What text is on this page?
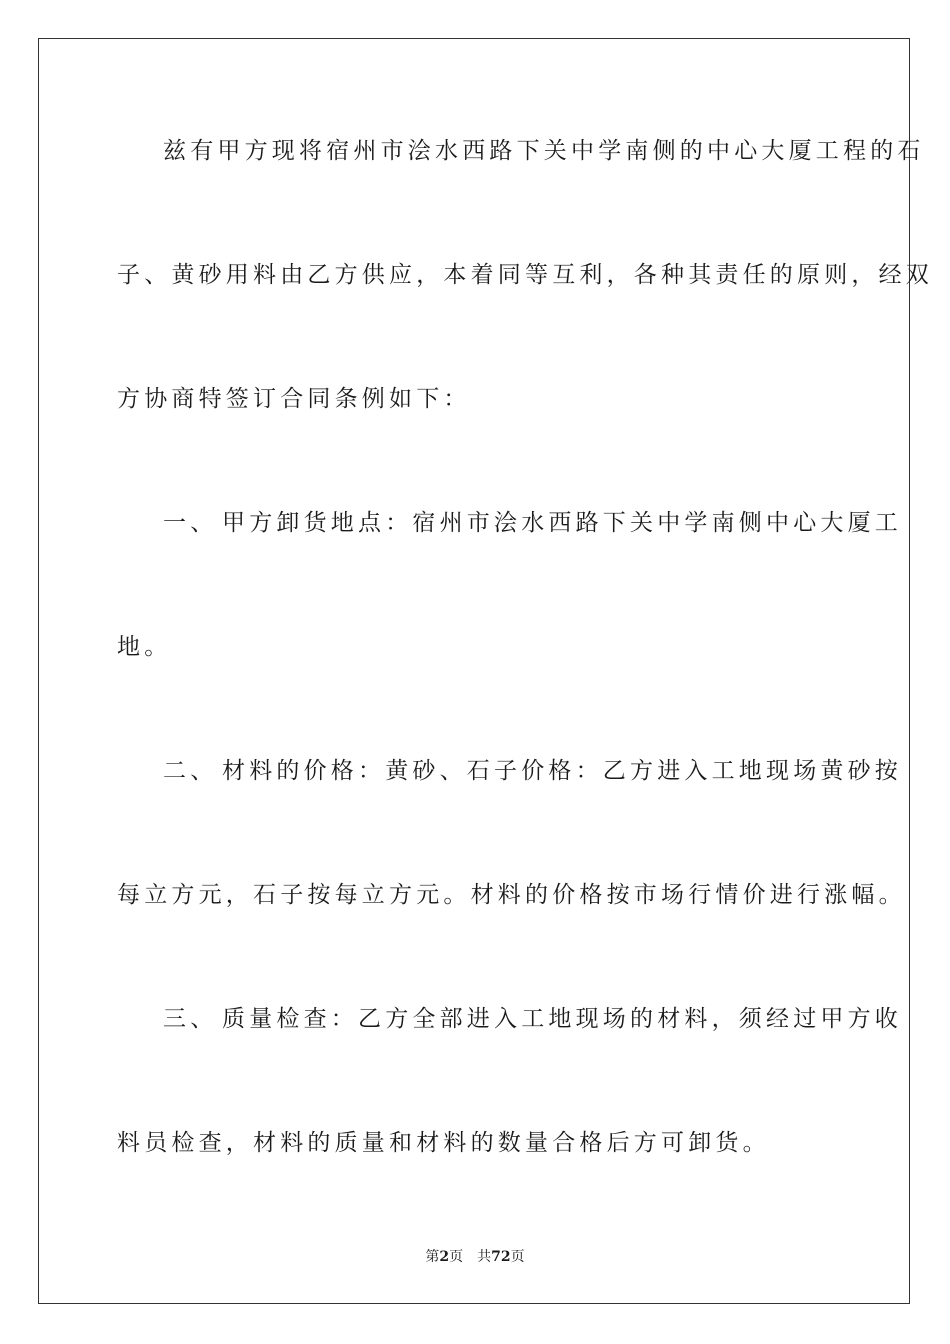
兹有甲方现将宿州市浍水西路下关中学南侧的中心大厦工程的石
子、黄砂用料由乙方供应，本着同等互利，各种其责任的原则，经双
方协商特签订合同条例如下：
一、 甲方卸货地点：宿州市浍水西路下关中学南侧中心大厦工
地。
二、 材料的价格：黄砂、石子价格：乙方进入工地现场黄砂按
每立方元，石子按每立方元。材料的价格按市场行情价进行涨幅。
三、 质量检查：乙方全部进入工地现场的材料，须经过甲方收
料员检查，材料的质量和材料的数量合格后方可卸货。
第2页 共72页
